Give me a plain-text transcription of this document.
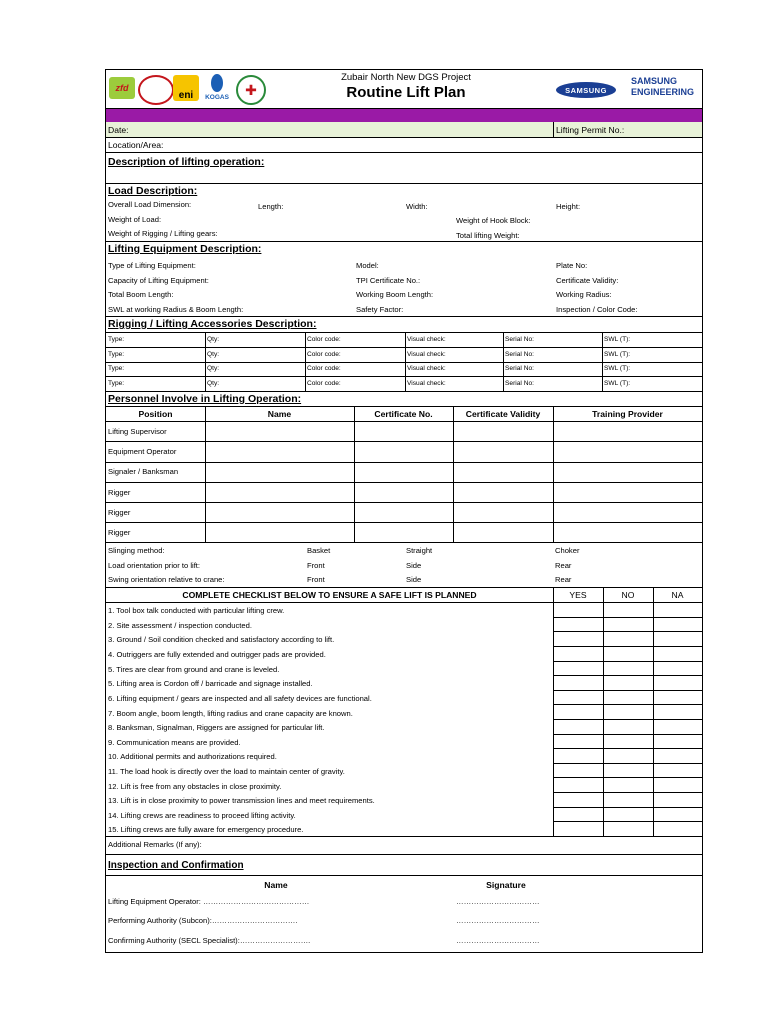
zfd
eni	KOGAS ✚
Zubair North New DGS Project
Routine Lift Plan	SAMSUNG
SAMSUNG
ENGINEERING
Date:	Lifting Permit No.:
Location/Area:
Description of lifting operation:
Load Description:
Overall Load Dimension:	Length:	Width:	Height:
Weight of Load:	Weight of Hook Block:
Weight of Rigging / Lifting gears:	Total lifting Weight:
Lifting Equipment Description:
Type of Lifting Equipment:	Model:	Plate No:
Capacity of Lifting Equipment:	TPI Certificate No.:	Certificate Validity:
Total Boom Length:	Working Boom Length:	Working Radius:
SWL at working Radius & Boom Length:	Safety Factor:	Inspection / Color Code:
Rigging / Lifting Accessories Description:
Type:	Qty:	Color code:	Visual check:	Serial No:	SWL (T):
Type:	Qty:	Color code:	Visual check:	Serial No:	SWL (T):
Type:	Qty:	Color code:	Visual check:	Serial No:	SWL (T):
Type:	Qty:	Color code:	Visual check:	Serial No:	SWL (T):
Personnel Involve in Lifting Operation:
Position	Name	Certificate No.	Certificate Validity	Training Provider
Lifting Supervisor
Equipment Operator
Signaler / Banksman
Rigger
Rigger
Rigger
Slinging method:	Basket	Straight	Choker
Load orientation prior to lift:	Front	Side	Rear
Swing orientation relative to crane:	Front	Side	Rear
COMPLETE CHECKLIST BELOW TO ENSURE A SAFE LIFT IS PLANNED	YES	NO	NA
1. Tool box talk conducted with particular lifting crew.
2. Site assessment / inspection conducted.
3. Ground / Soil condition checked and satisfactory according to lift.
4. Outriggers are fully extended and outrigger pads are provided.
5. Tires are clear from ground and crane is leveled.
5. Lifting area is Cordon off / barricade and signage installed.
6. Lifting equipment / gears are inspected and all safety devices are functional.
7. Boom angle, boom length, lifting radius and crane capacity are known.
8. Banksman, Signalman, Riggers are assigned for particular lift.
9. Communication means are provided.
10. Additional permits and authorizations required.
11. The load hook is directly over the load to maintain center of gravity.
12. Lift is free from any obstacles in close proximity.
13. Lift is in close proximity to power transmission lines and meet requirements.
14. Lifting crews are readiness to proceed lifting activity.
15. Lifting crews are fully aware for emergency procedure.
Additional Remarks (If any):
Inspection and Confirmation
Name	Signature
Lifting Equipment Operator: ……………………………………	……………………………
Performing Authority (Subcon):…………………………….	……………………………
Confirming Authority (SECL Specialist):……………………….	……………………………
